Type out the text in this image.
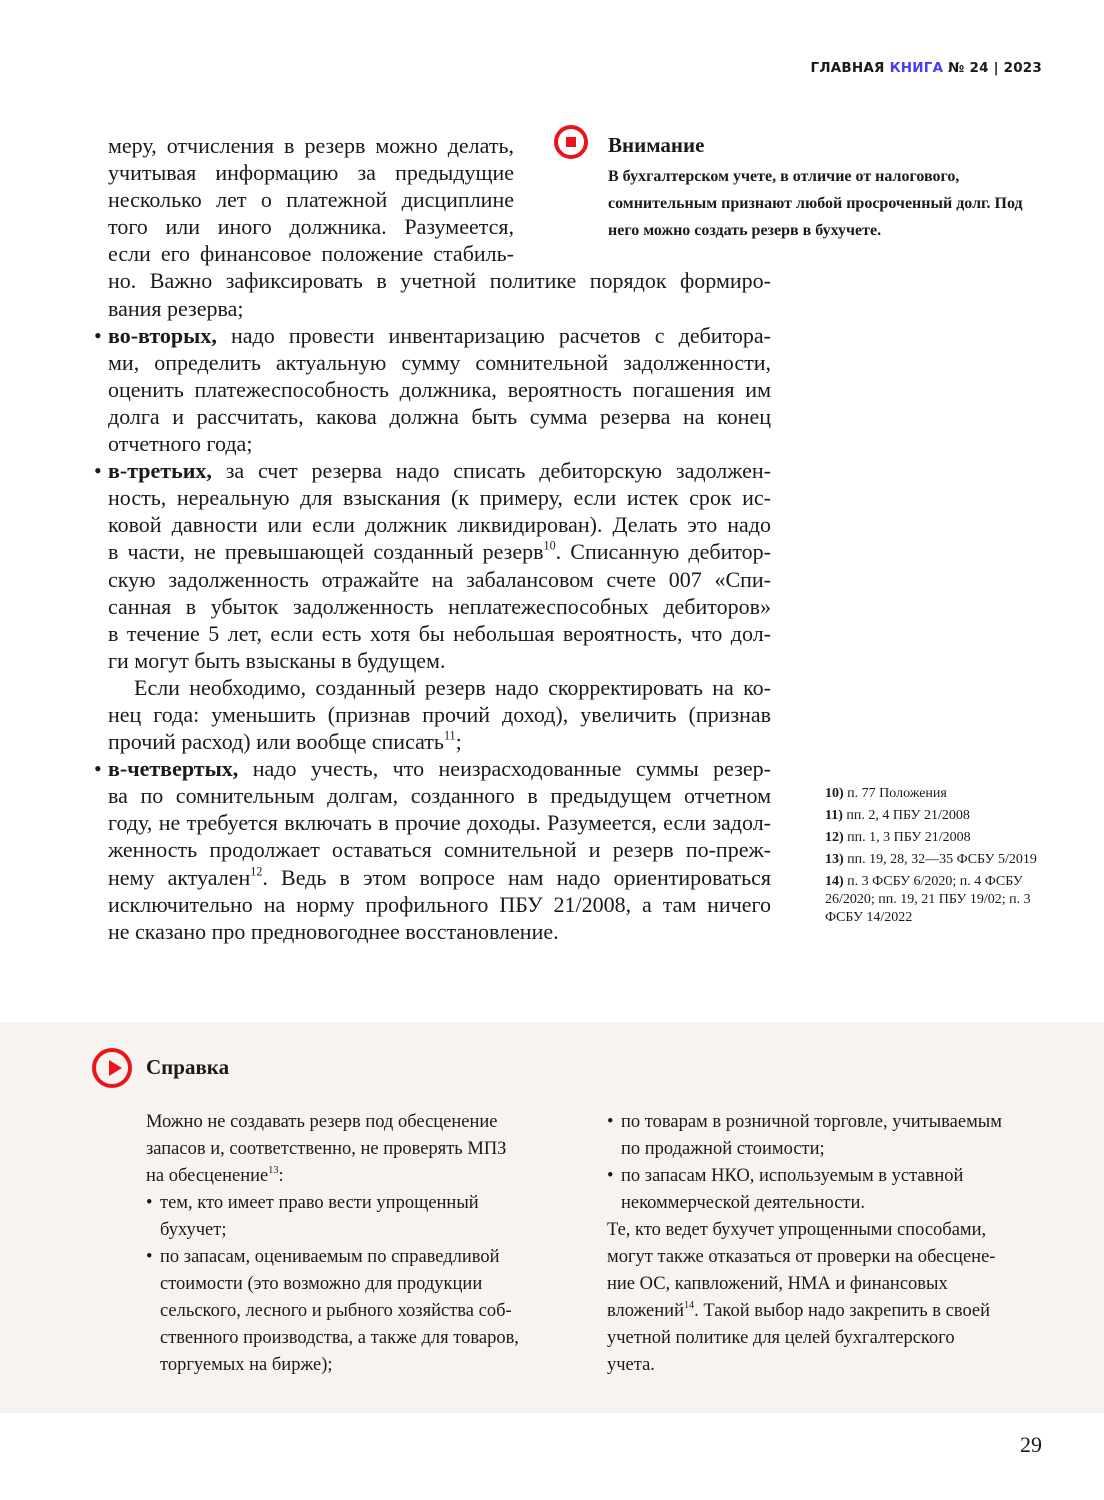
ГЛАВНАЯ КНИГА № 24 | 2023
меру, отчисления в резерв можно делать,
учитывая информацию за предыдущие
несколько лет о платежной дисциплине
того или иного должника. Разумеется,
если его финансовое положение стабиль-
но. Важно зафиксировать в учетной политике порядок формиро-
вания резерва;
• во-вторых, надо провести инвентаризацию расчетов с дебитора-
ми, определить актуальную сумму сомнительной задолженности,
оценить платежеспособность должника, вероятность погашения им
долга и рассчитать, какова должна быть сумма резерва на конец
отчетного года;
• в-третьих, за счет резерва надо списать дебиторскую задолжен-
ность, нереальную для взыскания (к примеру, если истек срок ис-
ковой давности или если должник ликвидирован). Делать это надо
в части, не превышающей созданный резерв$^{10}$. Списанную дебитор-
скую задолженность отражайте на забалансовом счете 007 «Спи-
санная в убыток задолженность неплатежеспособных дебиторов»
в течение 5 лет, если есть хотя бы небольшая вероятность, что дол-
ги могут быть взысканы в будущем.
Если необходимо, созданный резерв надо скорректировать на ко-
нец года: уменьшить (признав прочий доход), увеличить (признав
прочий расход) или вообще списать$^{11}$;
• в-четвертых, надо учесть, что неизрасходованные суммы резер-
ва по сомнительным долгам, созданного в предыдущем отчетном
году, не требуется включать в прочие доходы. Разумеется, если задол-
женность продолжает оставаться сомнительной и резерв по-преж-
нему актуален$^{12}$. Ведь в этом вопросе нам надо ориентироваться
исключительно на норму профильного ПБУ 21/2008, а там ничего
не сказано про предновогоднее восстановление.
Внимание
В бухгалтерском учете, в отличие от налогового, сомнительным признают любой просроченный долг. Под него можно создать резерв в бухучете.
10) п. 77 Положения
11) пп. 2, 4 ПБУ 21/2008
12) пп. 1, 3 ПБУ 21/2008
13) пп. 19, 28, 32—35 ФСБУ 5/2019
14) п. 3 ФСБУ 6/2020; п. 4 ФСБУ 26/2020; пп. 19, 21 ПБУ 19/02; п. 3 ФСБУ 14/2022
Справка
Можно не создавать резерв под обесценение
запасов и, соответственно, не проверять МПЗ
на обесценение$^{13}$:
• тем, кто имеет право вести упрощенный
бухучет;
• по запасам, оцениваемым по справедливой
стоимости (это возможно для продукции
сельского, лесного и рыбного хозяйства соб-
ственного производства, а также для товаров,
торгуемых на бирже);
• по товарам в розничной торговле, учитываемым
по продажной стоимости;
• по запасам НКО, используемым в уставной
некоммерческой деятельности.
Те, кто ведет бухучет упрощенными способами,
могут также отказаться от проверки на обесцене-
ние ОС, капвложений, НМА и финансовых
вложений$^{14}$. Такой выбор надо закрепить в своей
учетной политике для целей бухгалтерского
учета.
29
